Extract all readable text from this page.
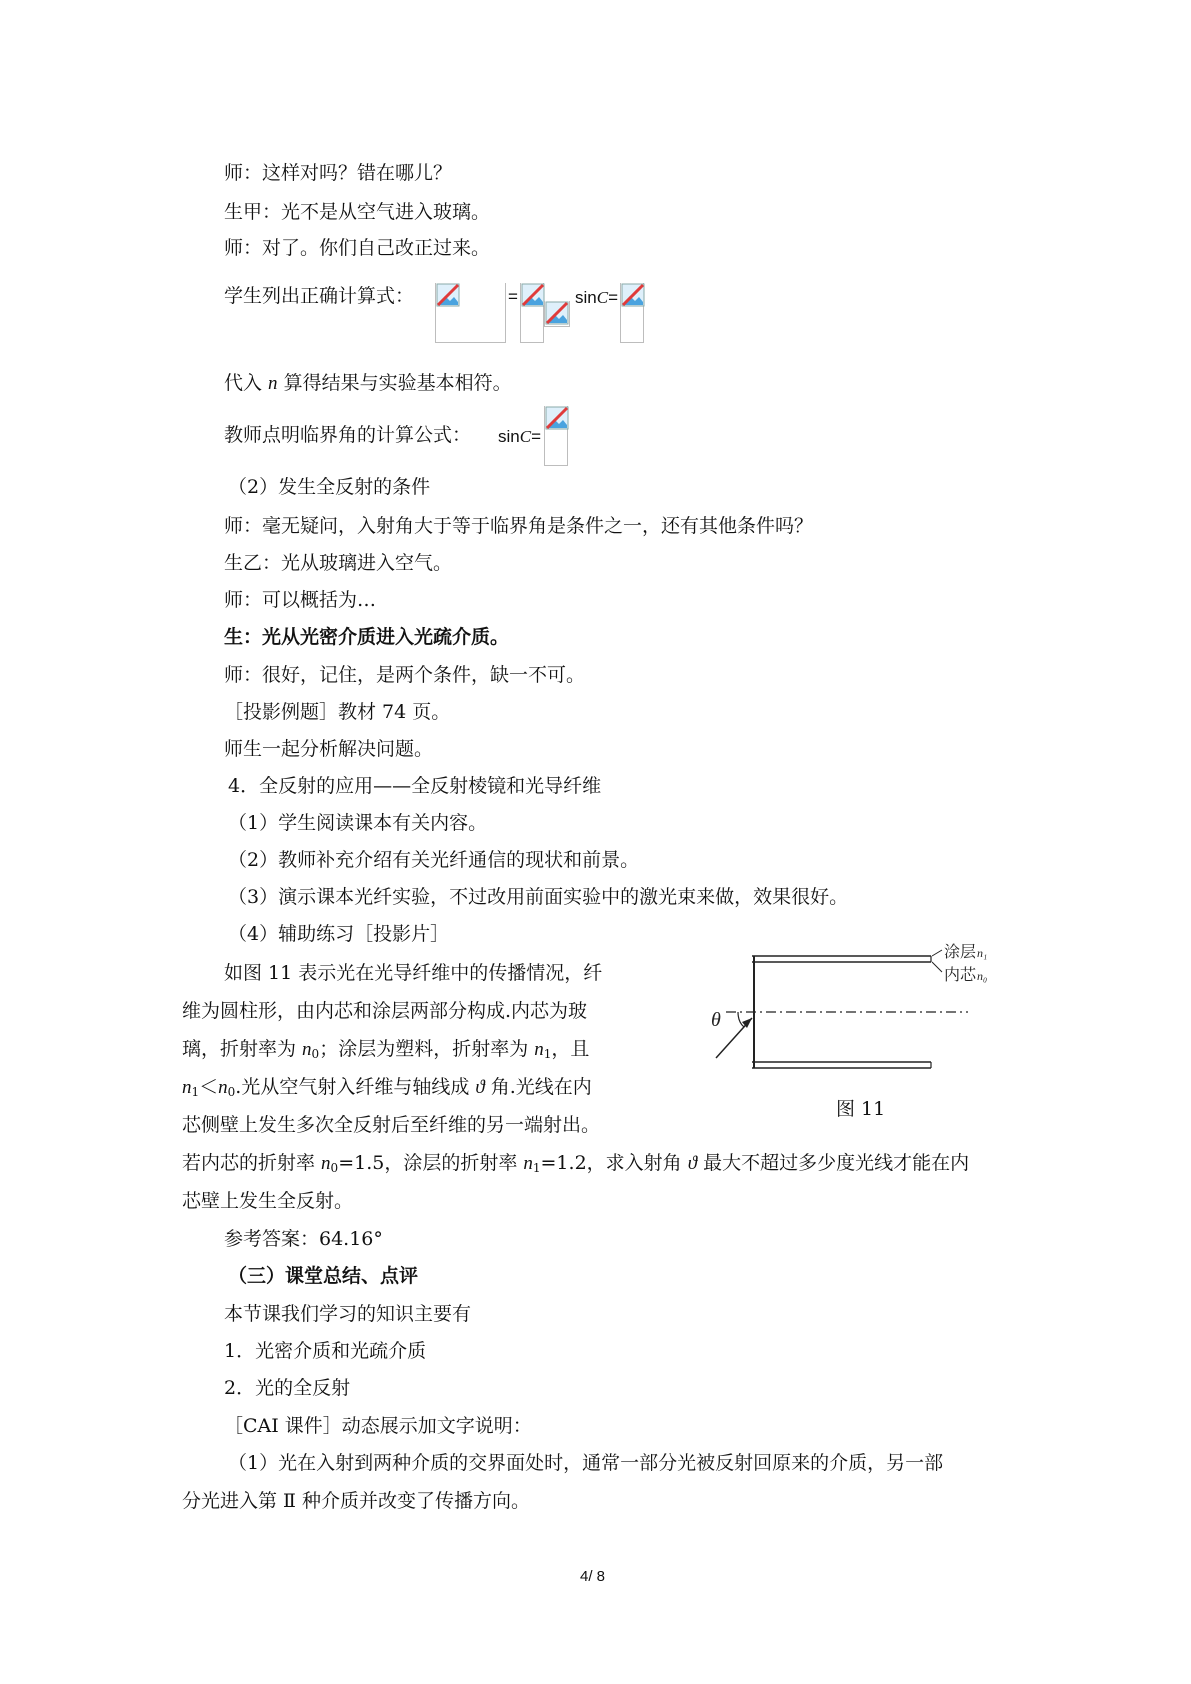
师：这样对吗？错在哪儿？
生甲：光不是从空气进入玻璃。
师：对了。你们自己改正过来。
学生列出正确计算式：	=	sinC=
代入 n 算得结果与实验基本相符。
教师点明临界角的计算公式： sinC=
（2）发生全反射的条件
师：毫无疑问，入射角大于等于临界角是条件之一，还有其他条件吗？
生乙：光从玻璃进入空气。
师：可以概括为…
生：光从光密介质进入光疏介质。
师：很好，记住，是两个条件，缺一不可。
［投影例题］教材 74 页。
师生一起分析解决问题。
4．全反射的应用——全反射棱镜和光导纤维
（1）学生阅读课本有关内容。
（2）教师补充介绍有关光纤通信的现状和前景。
（3）演示课本光纤实验，不过改用前面实验中的激光束来做，效果很好。
（4）辅助练习［投影片］
如图 11 表示光在光导纤维中的传播情况，纤
维为圆柱形，由内芯和涂层两部分构成.内芯为玻
璃，折射率为 $n_0$；涂层为塑料，折射率为 $n_1$，且
$n_1<n_0$.光从空气射入纤维与轴线成 ϑ 角.光线在内
芯侧壁上发生多次全反射后至纤维的另一端射出。
若内芯的折射率 $n_0=1.5$，涂层的折射率 $n_1=1.2$，求入射角 ϑ 最大不超过多少度光线才能在内
芯壁上发生全反射。
θ
涂层 n₁
内芯 n₀
图 11
参考答案：64.16°
（三）课堂总结、点评
本节课我们学习的知识主要有
1．光密介质和光疏介质
2．光的全反射
［CAI 课件］动态展示加文字说明：
（1）光在入射到两种介质的交界面处时，通常一部分光被反射回原来的介质，另一部
分光进入第 Ⅱ 种介质并改变了传播方向。
4/ 8
